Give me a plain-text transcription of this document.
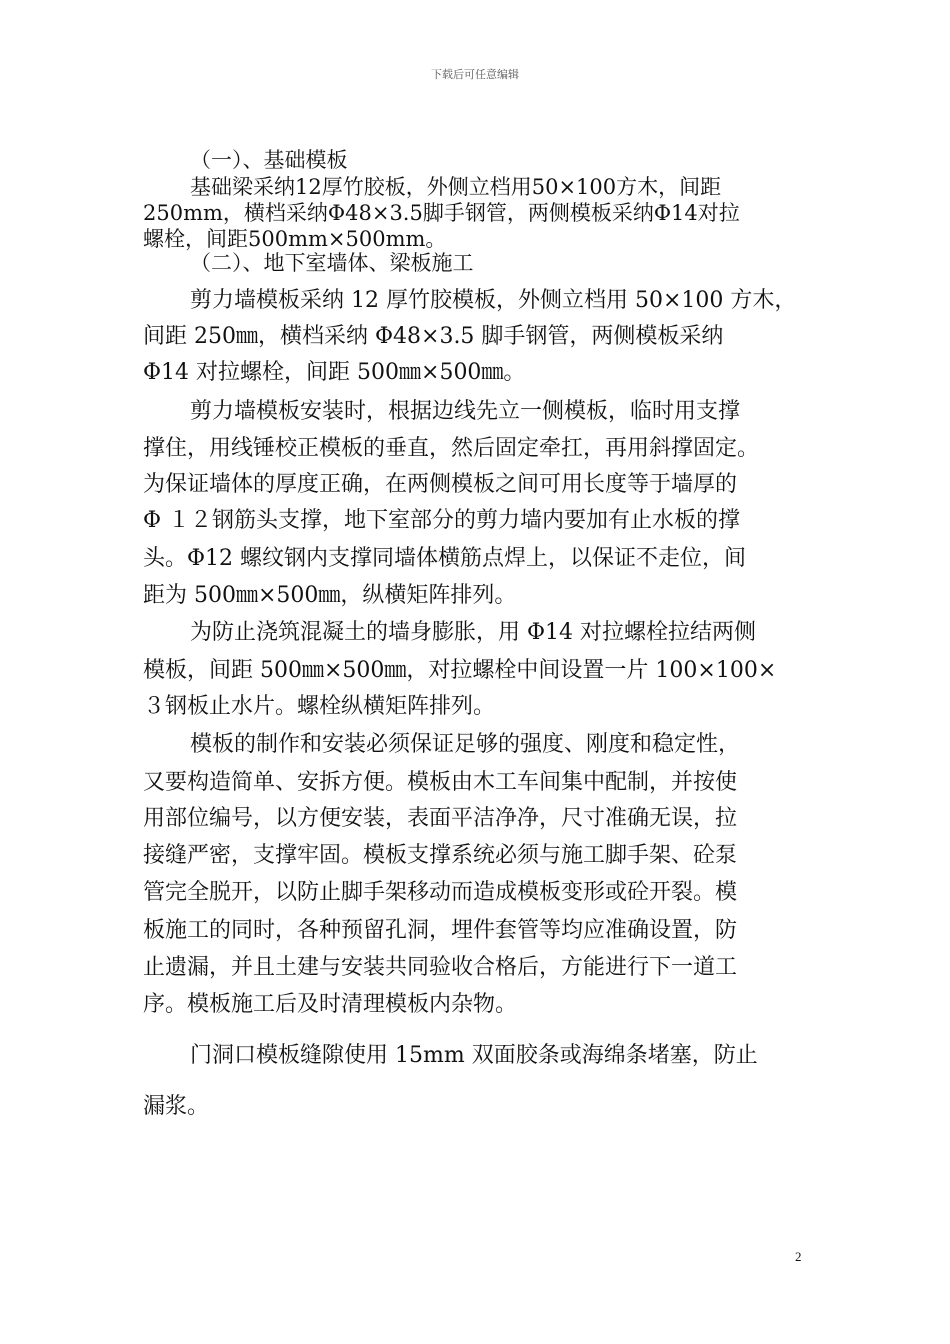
下载后可任意编辑
（一）、基础模板
基础梁采纳12厚竹胶板，外侧立档用50×100方木，间距
250mm，横档采纳Φ48×3.5脚手钢管，两侧模板采纳Φ14对拉
螺栓，间距500mm×500mm。
（二）、地下室墙体、梁板施工
剪力墙模板采纳 12 厚竹胶模板，外侧立档用 50×100 方木，
间距 250㎜，横档采纳 Φ48×3.5 脚手钢管，两侧模板采纳
Φ14 对拉螺栓，间距 500㎜×500㎜。
剪力墙模板安装时，根据边线先立一侧模板，临时用支撑
撑住，用线锤校正模板的垂直，然后固定牵扛，再用斜撑固定。
为保证墙体的厚度正确，在两侧模板之间可用长度等于墙厚的
Φ １２钢筋头支撑，地下室部分的剪力墙内要加有止水板的撑
头。Φ12 螺纹钢内支撑同墙体横筋点焊上，以保证不走位，间
距为 500㎜×500㎜，纵横矩阵排列。
为防止浇筑混凝土的墙身膨胀，用 Φ14 对拉螺栓拉结两侧
模板，间距 500㎜×500㎜，对拉螺栓中间设置一片 100×100×
３钢板止水片。螺栓纵横矩阵排列。
模板的制作和安装必须保证足够的强度、刚度和稳定性，
又要构造简单、安拆方便。模板由木工车间集中配制，并按使
用部位编号，以方便安装，表面平洁净净，尺寸准确无误，拉
接缝严密，支撑牢固。模板支撑系统必须与施工脚手架、砼泵
管完全脱开，以防止脚手架移动而造成模板变形或砼开裂。模
板施工的同时，各种预留孔洞，埋件套管等均应准确设置，防
止遗漏，并且土建与安装共同验收合格后，方能进行下一道工
序。模板施工后及时清理模板内杂物。
门洞口模板缝隙使用 15mm 双面胶条或海绵条堵塞，防止
漏浆。
2
